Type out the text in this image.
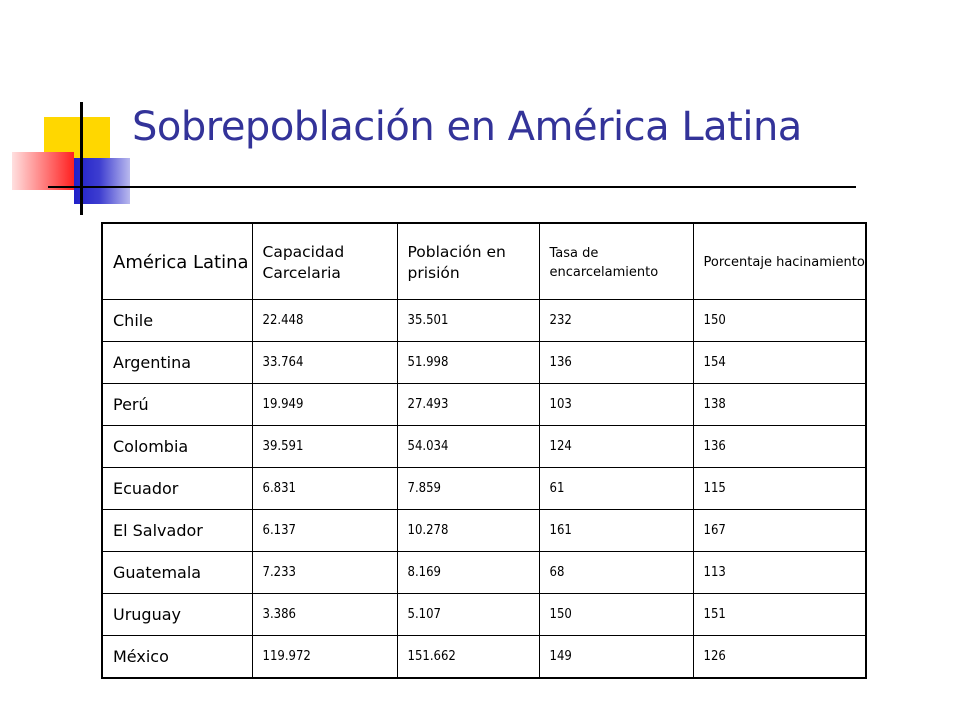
Sobrepoblación en América Latina
América Latina	Capacidad Carcelaria	Población en prisión	Tasa de encarcelamiento	Porcentaje hacinamiento
Chile	22.448	35.501	232	150
Argentina	33.764	51.998	136	154
Perú	19.949	27.493	103	138
Colombia	39.591	54.034	124	136
Ecuador	6.831	7.859	61	115
El Salvador	6.137	10.278	161	167
Guatemala	7.233	8.169	68	113
Uruguay	3.386	5.107	150	151
México	119.972	151.662	149	126
